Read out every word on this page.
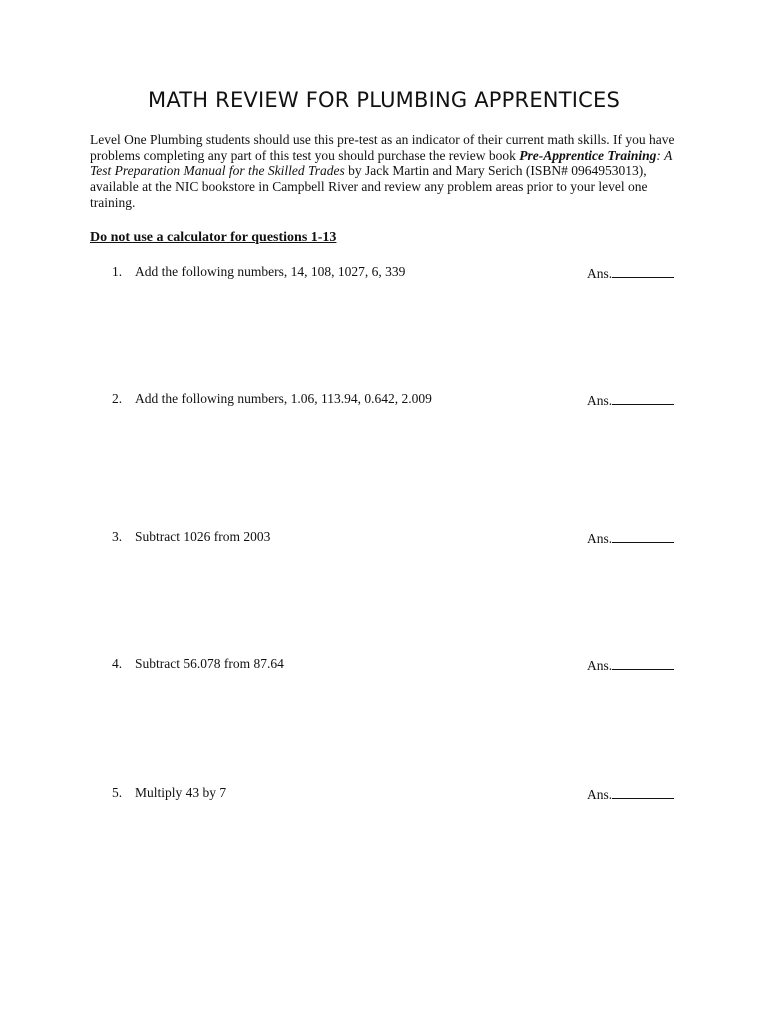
MATH REVIEW FOR PLUMBING APPRENTICES

Level One Plumbing students should use this pre-test as an indicator of their current math skills. If you have problems completing any part of this test you should purchase the review book Pre-Apprentice Training: A Test Preparation Manual for the Skilled Trades by Jack Martin and Mary Serich (ISBN# 0964953013), available at the NIC bookstore in Campbell River and review any problem areas prior to your level one training.

Do not use a calculator for questions 1-13

1. Add the following numbers, 14, 108, 1027, 6, 339	Ans.
2. Add the following numbers, 1.06, 113.94, 0.642, 2.009	Ans.
3. Subtract 1026 from 2003	Ans.
4. Subtract 56.078 from 87.64	Ans.
5. Multiply 43 by 7	Ans.
